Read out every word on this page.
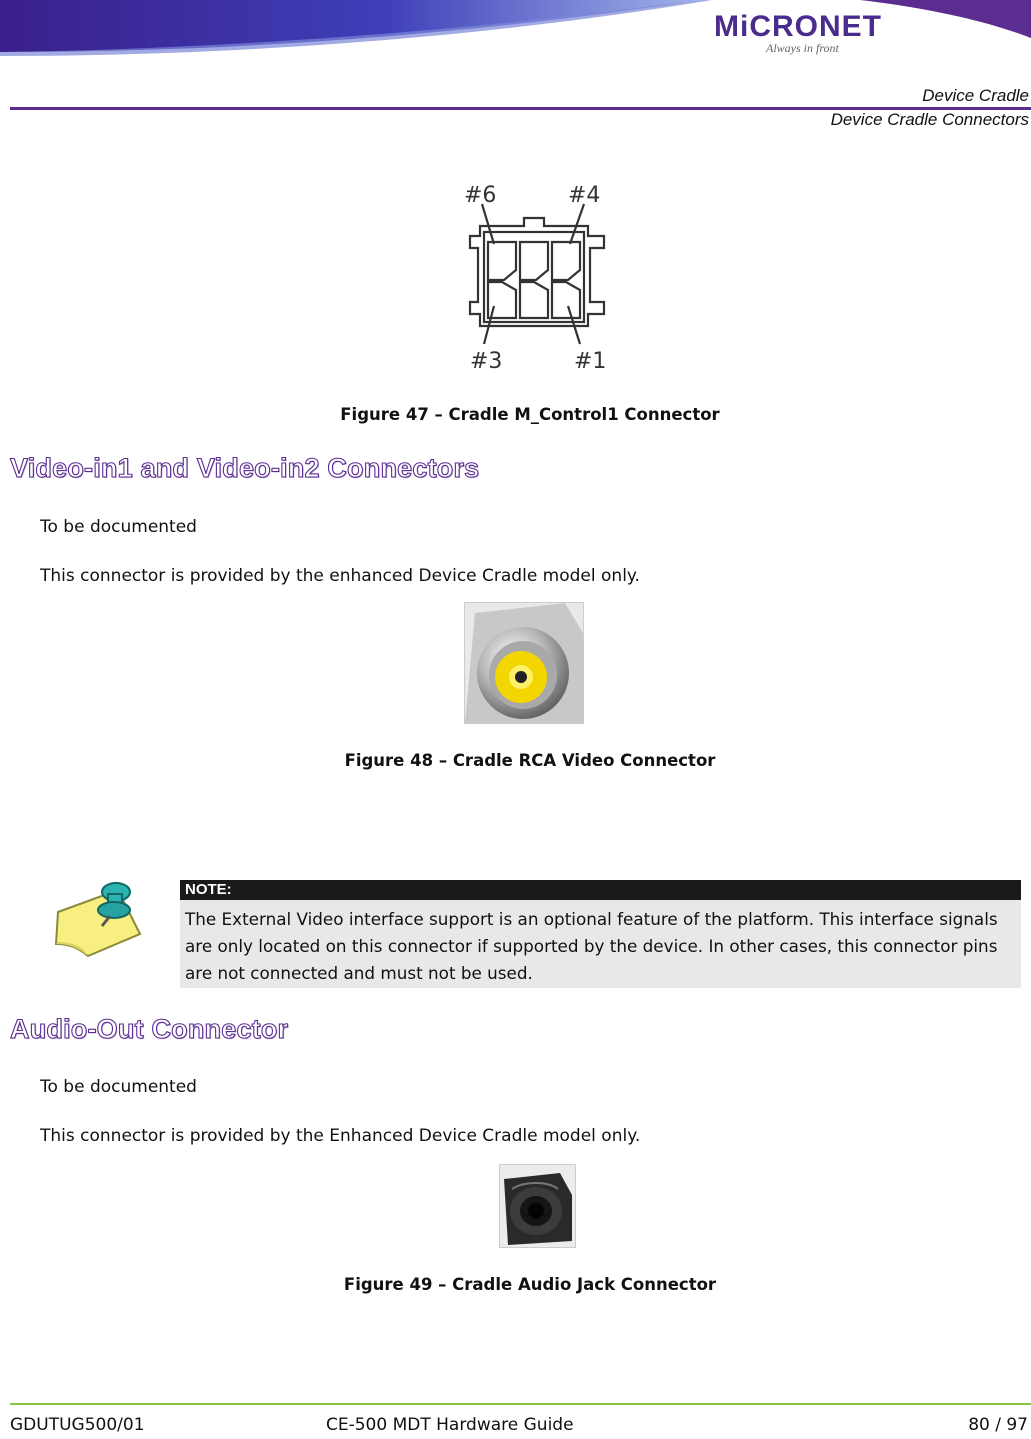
MiCRONET
Always in front
Device Cradle
Device Cradle Connectors
#6	#4
#3	#1
Figure 47 – Cradle M_Control1 Connector
Video-in1 and Video-in2 Connectors
To be documented
This connector is provided by the enhanced Device Cradle model only.
Figure 48 – Cradle RCA Video Connector
NOTE:
The External Video interface support is an optional feature of the platform. This interface signals are only located on this connector if supported by the device. In other cases, this connector pins are not connected and must not be used.
Audio-Out Connector
To be documented
This connector is provided by the Enhanced Device Cradle model only.
Figure 49 – Cradle Audio Jack Connector
GDUTUG500/01	CE-500 MDT Hardware Guide	80 / 97
